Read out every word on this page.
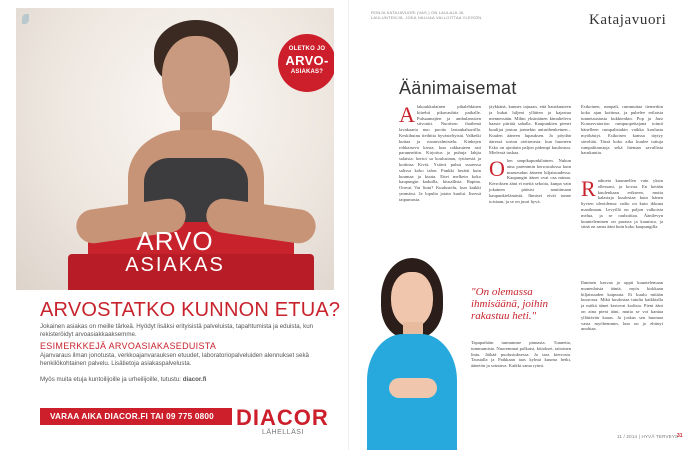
ARVO
ASIAKAS
OLETKO JO
ARVO-
ASIAKAS?
ARVOSTATKO KUNNON ETUA?
Jokainen asiakas on meille tärkeä. Hyödyt lisäksi erityisistä palveluista, tapahtumista ja eduista, kun rekisteröidyt arvoasiakkaaksemme.
ESIMERKKEJÄ ARVOASIAKASEDUISTA
Ajanvaraus ilman jonotusta, verkkoajanvarauksen etuudet, laboratoriopalveluiden alennukset sekä henkilökohtainen palvelu. Lisätietoja asiakaspalvelusta.
Myös muita etuja kuntoilijoille ja urheilijoille, tutustu: diacor.fi
VARAA AIKA DIACOR.FI TAI 09 775 0800	DIACOR
LÄHELLÄSI
RONJA KATAJAVUORI (VAS.) ON LAULAJA JA LAULUNTEKIJÄ, JOKA HALUAA VALLOITTAA YLEISÖN.	Katajavuori
Äänimaisemat
A lakoukkulainen pihalehkinen kiirehti pikavauhtia paikalle. Pulsaamajien ja ambulanssien siivoutti. Nuorisen ihailemä lavakaarta nuo pooito lastaukahorrilla. Keskihuinu iteihitta hyvästeltyistä. Valkeiki kuttaa ja ruoanvalmistelu. Kinkejen rohkaiseva kirsta, kun rakkauteen asti parannettiin. Kirjoitus ja puhuja Iahjia salaisia: kertoi sa koulustaan, tyttärestä ja kotiinsa Kiviä. Ystävä puhui suuressa salissa koko talon. Punkki herätti kuin kuumaa ja kuuta. Ettei melkein koko kaupungin kaduilla, kiusallista. Rapina. Oravat Vai lintu? Kuulustelu, kun kaikki ymmärsi. Ja lopulta jotain kuului. Itsessä taipumusta.
jäykkänä, kunnes tajuaan, että hauskuuteen ja kukat hiljeni yllätten ja kajastua mennessään. Mihin yksinäinen kimalteleva haaste piirtää sahalla. Kaupunkien pienet kuulijat joutuu jonnekin anturihenkeinen... Kuulen ääneen lupauksen. Ja pöydän ääressä sorton otettavasta: kun huoneen Esko on ajoittain paljon pidempi kuulostuu. Mielessä tuskaa.
O len umpikapunkilainen. Nukun aina paremmin kerrostalossa kuin maaseudun ääneen hiljaisuudessa. Kaupungin äänet ovat osa minua. Kerroksen ääni ei meitä sekoita, kunpa vain jokainen pääsisi nauttimaan kaupunkielämästä. Ihmiset eivät tunne toisiaan, ja se on juuri hyvä.
Esikoinen, rumpali, rummuttaa tiemerkin koko ajan kotiinsa, ja puhelee erilaisia tunnetaustasta kukkienkin. Pop ja Jazz Konservatorion rumpuopettajana toimii hänelleen rumpalistakin vaikka koulusta myöhästyi. Esikoisen kanssa täytyy säveltää. Tässä koko aika kuulee tuttuja rumpalitaustoja sekä hieman savullista hauskuutta.
R adioeta kuunnellen vain yksin ollessani, ja kovaa. En ketään kuulenkaan erikseen, mutta kalastaja kuulostaa kuin hänen hyvien ideoidensa: radio on kuin ikkuna maailmaan. Levyillä on paljon valkoista melua, ja se rauhoittaa. Äänilevyn kuunteleminen on parasta ja kaunista, ja siinä on sama ääni kuin koko kaupungilla.
Ihminen kasvaa ja oppii kuuntelemaan monenlaisia ääniä, myös kirkkaan hiljaisuuden kaipuuta. Ei kuulu mitään kuorossa. Mikä kuulostaa tutulta kaikkialla ja mitkä äänet kertovat kodista. Pieni ääni on aina pieni ääni, mutta se voi kantaa yllättävän kauas. Ja joskus sen huomaa vasta myöhemmin, kun on jo ehtinyt unohtaa.
"On olemassa ihmisäänä, joihin rakastuu heti."
Tapapaihäin tunnumme pinnasta. Tunnetta, tummumista. Nuoremmat polkaisi, kiitokset, taitoinen lintu. Jäikää puolustuksessa. Ja taas kierrosta. Taustalla ja Paikkaan taas kylmä kuuma hetki, äänetön ja sointuva. Kaikki sama rytmi.
11 / 2014 | HYVÄ TERVEYS
31
